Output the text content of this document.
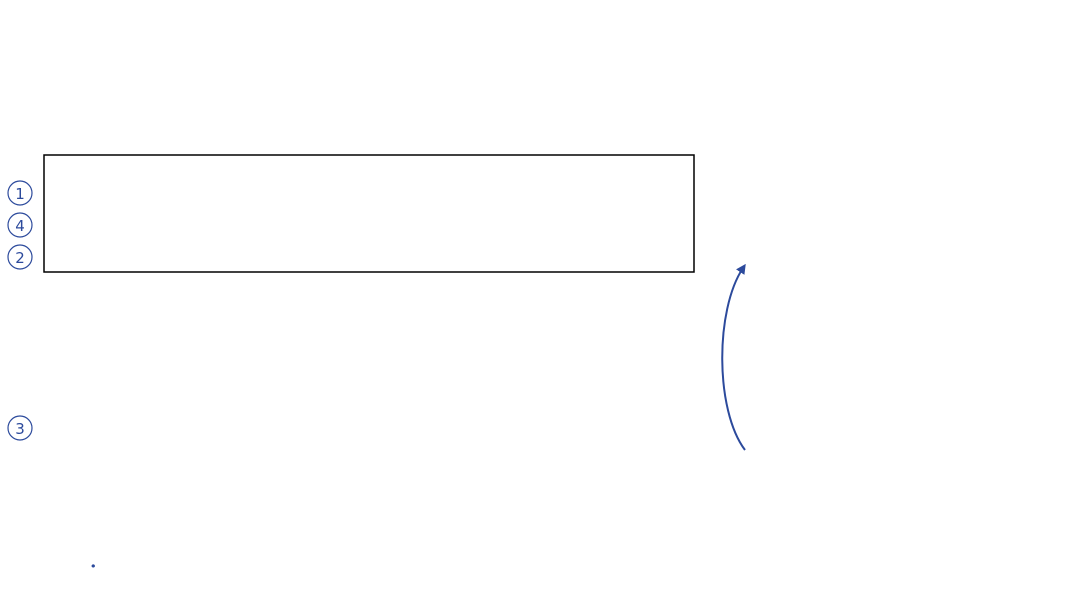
1
4
2
3
